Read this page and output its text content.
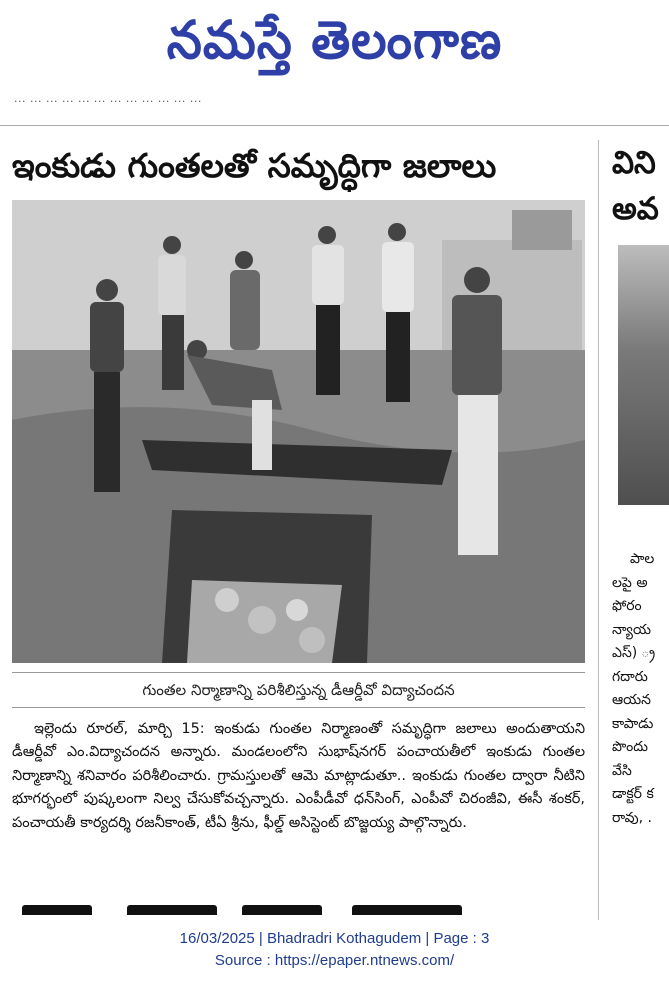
నమస్తే తెలంగాణ
... ... ... ... ... ... ... ... ... ... ... ...
ఇంకుడు గుంతలతో సమృద్ధిగా జలాలు
గుంతల నిర్మాణాన్ని పరిశీలిస్తున్న డీఆర్డీవో విద్యాచందన

ఇల్లెందు రూరల్, మార్చి 15: ఇంకుడు గుంతల నిర్మాణంతో సమృద్ధిగా జలాలు అందుతాయని డీఆర్డీవో ఎం.విద్యాచందన అన్నారు. మండలంలోని సుభాష్‌నగర్ పంచాయతీలో ఇంకుడు గుంతల నిర్మాణాన్ని శనివారం పరిశీలించారు. గ్రామస్తులతో ఆమె మాట్లాడుతూ.. ఇంకుడు గుంతల ద్వారా నీటిని భూగర్భంలో పుష్కలంగా నిల్వ చేసుకోవచ్చన్నారు. ఎంపీడీవో ధన్‌సింగ్, ఎంపీవో చిరంజీవి, ఈసీ శంకర్, పంచాయతీ కార్యదర్శి రజనీకాంత్, టీఏ శ్రీను, ఫీల్డ్ అసిస్టెంట్ బొజ్జయ్య పాల్గొన్నారు.

విని
అవ
పాల
లపై అ
ఫోరం
న్యాయ
ఎస్) ్ర
గదారు
ఆయన
కాపాడు
పొందు
వేసి
డాక్టర్ క
రావు, .
16/03/2025 | Bhadradri Kothagudem | Page : 3
Source : https://epaper.ntnews.com/
